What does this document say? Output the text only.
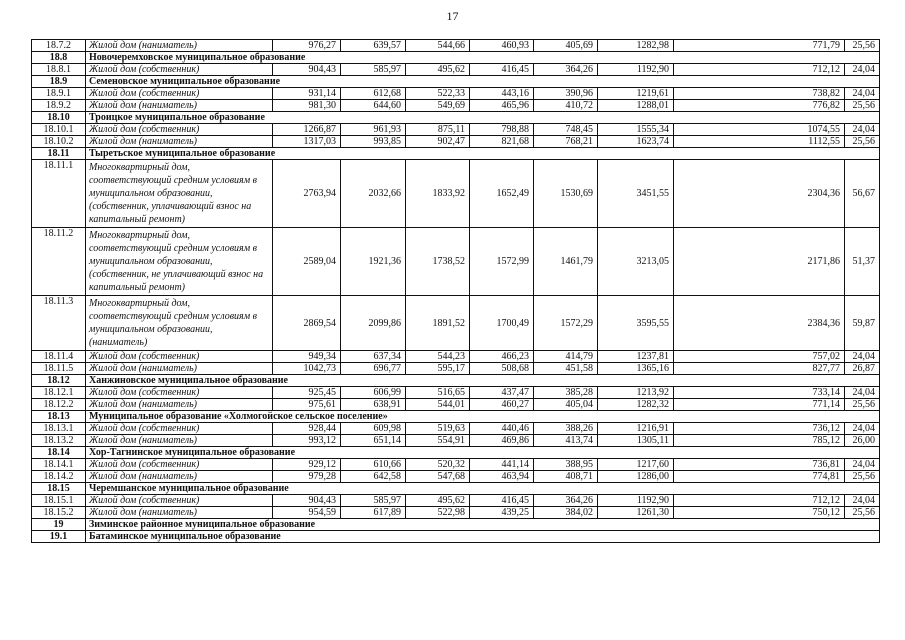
17
18.7.2	Жилой дом (наниматель)	976,27	639,57	544,66	460,93	405,69	1282,98	771,79	25,56
18.8	Новочеремховское муниципальное образование								
18.8.1	Жилой дом (собственник)	904,43	585,97	495,62	416,45	364,26	1192,90	712,12	24,04
18.9	Семеновское муниципальное образование								
18.9.1	Жилой дом (собственник)	931,14	612,68	522,33	443,16	390,96	1219,61	738,82	24,04
18.9.2	Жилой дом (наниматель)	981,30	644,60	549,69	465,96	410,72	1288,01	776,82	25,56
18.10	Троицкое муниципальное образование								
18.10.1	Жилой дом (собственник)	1266,87	961,93	875,11	798,88	748,45	1555,34	1074,55	24,04
18.10.2	Жилой дом (наниматель)	1317,03	993,85	902,47	821,68	768,21	1623,74	1112,55	25,56
18.11	Тыретьское муниципальное образование								
18.11.1	Многоквартирный дом, соответствующий средним условиям в муниципальном образовании, (собственник, уплачивающий взнос на капитальный ремонт)	2763,94	2032,66	1833,92	1652,49	1530,69	3451,55	2304,36	56,67
18.11.2	Многоквартирный дом, соответствующий средним условиям в муниципальном образовании, (собственник, не уплачивающий взнос на капитальный ремонт)	2589,04	1921,36	1738,52	1572,99	1461,79	3213,05	2171,86	51,37
18.11.3	Многоквартирный дом, соответствующий средним условиям в муниципальном образовании, (наниматель)	2869,54	2099,86	1891,52	1700,49	1572,29	3595,55	2384,36	59,87
18.11.4	Жилой дом (собственник)	949,34	637,34	544,23	466,23	414,79	1237,81	757,02	24,04
18.11.5	Жилой дом (наниматель)	1042,73	696,77	595,17	508,68	451,58	1365,16	827,77	26,87
18.12	Ханжиновское муниципальное образование								
18.12.1	Жилой дом (собственник)	925,45	606,99	516,65	437,47	385,28	1213,92	733,14	24,04
18.12.2	Жилой дом (наниматель)	975,61	638,91	544,01	460,27	405,04	1282,32	771,14	25,56
18.13	Муниципальное образование «Холмогойское сельское поселение»								
18.13.1	Жилой дом (собственник)	928,44	609,98	519,63	440,46	388,26	1216,91	736,12	24,04
18.13.2	Жилой дом (наниматель)	993,12	651,14	554,91	469,86	413,74	1305,11	785,12	26,00
18.14	Хор-Тагнинское муниципальное образование								
18.14.1	Жилой дом (собственник)	929,12	610,66	520,32	441,14	388,95	1217,60	736,81	24,04
18.14.2	Жилой дом (наниматель)	979,28	642,58	547,68	463,94	408,71	1286,00	774,81	25,56
18.15	Черемшанское муниципальное образование								
18.15.1	Жилой дом (собственник)	904,43	585,97	495,62	416,45	364,26	1192,90	712,12	24,04
18.15.2	Жилой дом (наниматель)	954,59	617,89	522,98	439,25	384,02	1261,30	750,12	25,56
19	Зиминское районное муниципальное образование								
19.1	Батаминское муниципальное образование								
